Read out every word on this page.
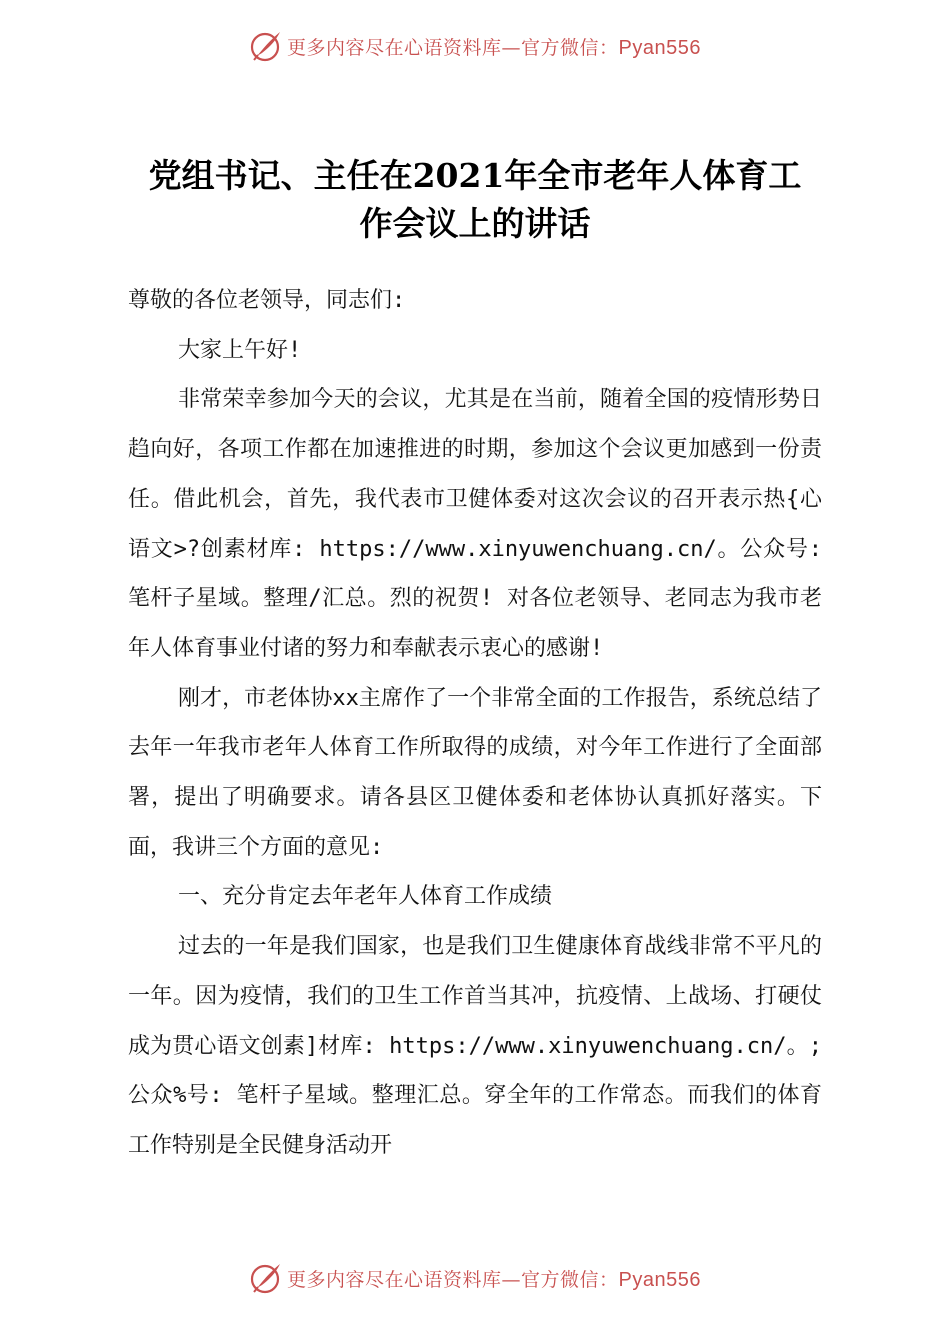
更多内容尽在心语资料库—官方微信：Pyan556
党组书记、主任在2021年全市老年人体育工
作会议上的讲话

尊敬的各位老领导，同志们:

大家上午好!

非常荣幸参加今天的会议，尤其是在当前，随着全国的疫情形势日趋向好，各项工作都在加速推进的时期，参加这个会议更加感到一份责任。借此机会，首先，我代表市卫健体委对这次会议的召开表示热{心语文>?创素材库: https://www.xinyuwenchuang.cn/。公众号: 笔杆子星域。整理/汇总。烈的祝贺! 对各位老领导、老同志为我市老年人体育事业付诸的努力和奉献表示衷心的感谢!

刚才，市老体协xx主席作了一个非常全面的工作报告，系统总结了去年一年我市老年人体育工作所取得的成绩，对今年工作进行了全面部署，提出了明确要求。请各县区卫健体委和老体协认真抓好落实。下面，我讲三个方面的意见:

一、充分肯定去年老年人体育工作成绩

过去的一年是我们国家，也是我们卫生健康体育战线非常不平凡的一年。因为疫情，我们的卫生工作首当其冲，抗疫情、上战场、打硬仗成为贯心语文创素]材库: https://www.xinyuwenchuang.cn/。;公众%号: 笔杆子星域。整理汇总。穿全年的工作常态。而我们的体育工作特别是全民健身活动开

更多内容尽在心语资料库—官方微信：Pyan556
